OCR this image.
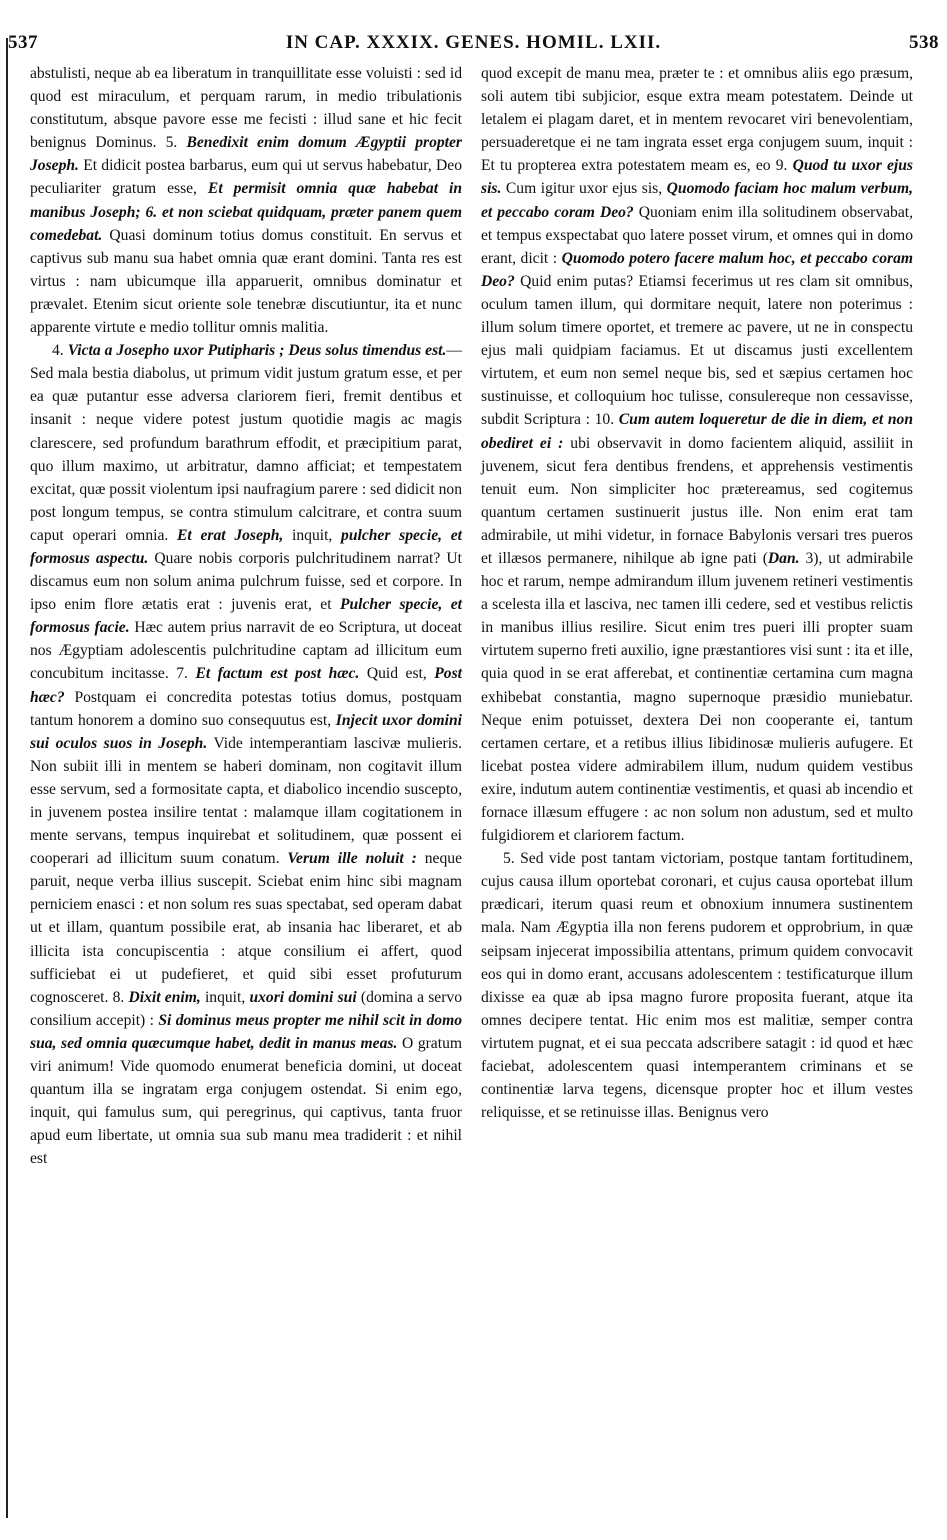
537	IN CAP. XXXIX. GENES. HOMIL. LXII.	538

abstulisti, neque ab ea liberatum in tranquillitate esse voluisti : sed id quod est miraculum, et perquam rarum, in medio tribulationis constitutum, absque pavore esse me fecisti : illud sane et hic fecit benignus Dominus. 5. Benedixit enim domum Ægyptii propter Joseph. Et didicit postea barbarus, eum qui ut servus habebatur, Deo peculiariter gratum esse, Et permisit omnia quæ habebat in manibus Joseph; 6. et non sciebat quidquam, præter panem quem comedebat. Quasi dominum totius domus constituit. En servus et captivus sub manu sua habet omnia quæ erant domini. Tanta res est virtus : nam ubicumque illa apparuerit, omnibus dominatur et prævalet. Etenim sicut oriente sole tenebræ discutiuntur, ita et nunc apparente virtute e medio tollitur omnis malitia.

4. Victa a Josepho uxor Putipharis ; Deus solus timendus est.—Sed mala bestia diabolus, ut primum vidit justum gratum esse, et per ea quæ putantur esse adversa clariorem fieri, fremit dentibus et insanit : neque videre potest justum quotidie magis ac magis clarescere, sed profundum barathrum effodit, et præcipitium parat, quo illum maximo, ut arbitratur, damno afficiat; et tempestatem excitat, quæ possit violentum ipsi naufragium parere : sed didicit non post longum tempus, se contra stimulum calcitrare, et contra suum caput operari omnia. Et erat Joseph, inquit, pulcher specie, et formosus aspectu. Quare nobis corporis pulchritudinem narrat? Ut discamus eum non solum anima pulchrum fuisse, sed et corpore. In ipso enim flore ætatis erat : juvenis erat, et Pulcher specie, et formosus facie. Hæc autem prius narravit de eo Scriptura, ut doceat nos Ægyptiam adolescentis pulchritudine captam ad illicitum eum concubitum incitasse. 7. Et factum est post hæc. Quid est, Post hæc? Postquam ei concredita potestas totius domus, postquam tantum honorem a domino suo consequutus est, Injecit uxor domini sui oculos suos in Joseph. Vide intemperantiam lascivæ mulieris. Non subiit illi in mentem se haberi dominam, non cogitavit illum esse servum, sed a formositate capta, et diabolico incendio suscepto, in juvenem postea insilire tentat : malamque illam cogitationem in mente servans, tempus inquirebat et solitudinem, quæ possent ei cooperari ad illicitum suum conatum. Verum ille noluit : neque paruit, neque verba illius suscepit. Sciebat enim hinc sibi magnam perniciem enasci : et non solum res suas spectabat, sed operam dabat ut et illam, quantum possibile erat, ab insania hac liberaret, et ab illicita ista concupiscentia : atque consilium ei affert, quod sufficiebat ei ut pudefieret, et quid sibi esset profuturum cognosceret. 8. Dixit enim, inquit, uxori domini sui (domina a servo consilium accepit) : Si dominus meus propter me nihil scit in domo sua, sed omnia quæcumque habet, dedit in manus meas. O gratum viri animum! Vide quomodo enumerat beneficia domini, ut doceat quantum illa se ingratam erga conjugem ostendat. Si enim ego, inquit, qui famulus sum, qui peregrinus, qui captivus, tanta fruor apud eum libertate, ut omnia sua sub manu mea tradiderit : et nihil est

quod excepit de manu mea, præter te : et omnibus aliis ego præsum, soli autem tibi subjicior, esque extra meam potestatem. Deinde ut letalem ei plagam daret, et in mentem revocaret viri benevolentiam, persuaderetque ei ne tam ingrata esset erga conjugem suum, inquit : Et tu propterea extra potestatem meam es, eo 9. Quod tu uxor ejus sis. Cum igitur uxor ejus sis, Quomodo faciam hoc malum verbum, et peccabo coram Deo? Quoniam enim illa solitudinem observabat, et tempus exspectabat quo latere posset virum, et omnes qui in domo erant, dicit : Quomodo potero facere malum hoc, et peccabo coram Deo? Quid enim putas? Etiamsi fecerimus ut res clam sit omnibus, oculum tamen illum, qui dormitare nequit, latere non poterimus : illum solum timere oportet, et tremere ac pavere, ut ne in conspectu ejus mali quidpiam faciamus. Et ut discamus justi excellentem virtutem, et eum non semel neque bis, sed et sæpius certamen hoc sustinuisse, et colloquium hoc tulisse, consulereque non cessavisse, subdit Scriptura : 10. Cum autem loqueretur de die in diem, et non obediret ei : ubi observavit in domo facientem aliquid, assiliit in juvenem, sicut fera dentibus frendens, et apprehensis vestimentis tenuit eum. Non simpliciter hoc prætereamus, sed cogitemus quantum certamen sustinuerit justus ille. Non enim erat tam admirabile, ut mihi videtur, in fornace Babylonis versari tres pueros et illæsos permanere, nihilque ab igne pati (Dan. 3), ut admirabile hoc et rarum, nempe admirandum illum juvenem retineri vestimentis a scelesta illa et lasciva, nec tamen illi cedere, sed et vestibus relictis in manibus illius resilire. Sicut enim tres pueri illi propter suam virtutem superno freti auxilio, igne præstantiores visi sunt : ita et ille, quia quod in se erat afferebat, et continentiæ certamina cum magna exhibebat constantia, magno supernoque præsidio muniebatur. Neque enim potuisset, dextera Dei non cooperante ei, tantum certamen certare, et a retibus illius libidinosæ mulieris aufugere. Et licebat postea videre admirabilem illum, nudum quidem vestibus exire, indutum autem continentiæ vestimentis, et quasi ab incendio et fornace illæsum effugere : ac non solum non adustum, sed et multo fulgidiorem et clariorem factum.

5. Sed vide post tantam victoriam, postque tantam fortitudinem, cujus causa illum oportebat coronari, et cujus causa oportebat illum prædicari, iterum quasi reum et obnoxium innumera sustinentem mala. Nam Ægyptia illa non ferens pudorem et opprobrium, in quæ seipsam injecerat impossibilia attentans, primum quidem convocavit eos qui in domo erant, accusans adolescentem : testificaturque illum dixisse ea quæ ab ipsa magno furore proposita fuerant, atque ita omnes decipere tentat. Hic enim mos est malitiæ, semper contra virtutem pugnat, et ei sua peccata adscribere satagit : id quod et hæc faciebat, adolescentem quasi intemperantem criminans et se continentiæ larva tegens, dicensque propter hoc et illum vestes reliquisse, et se retinuisse illas. Benignus vero
